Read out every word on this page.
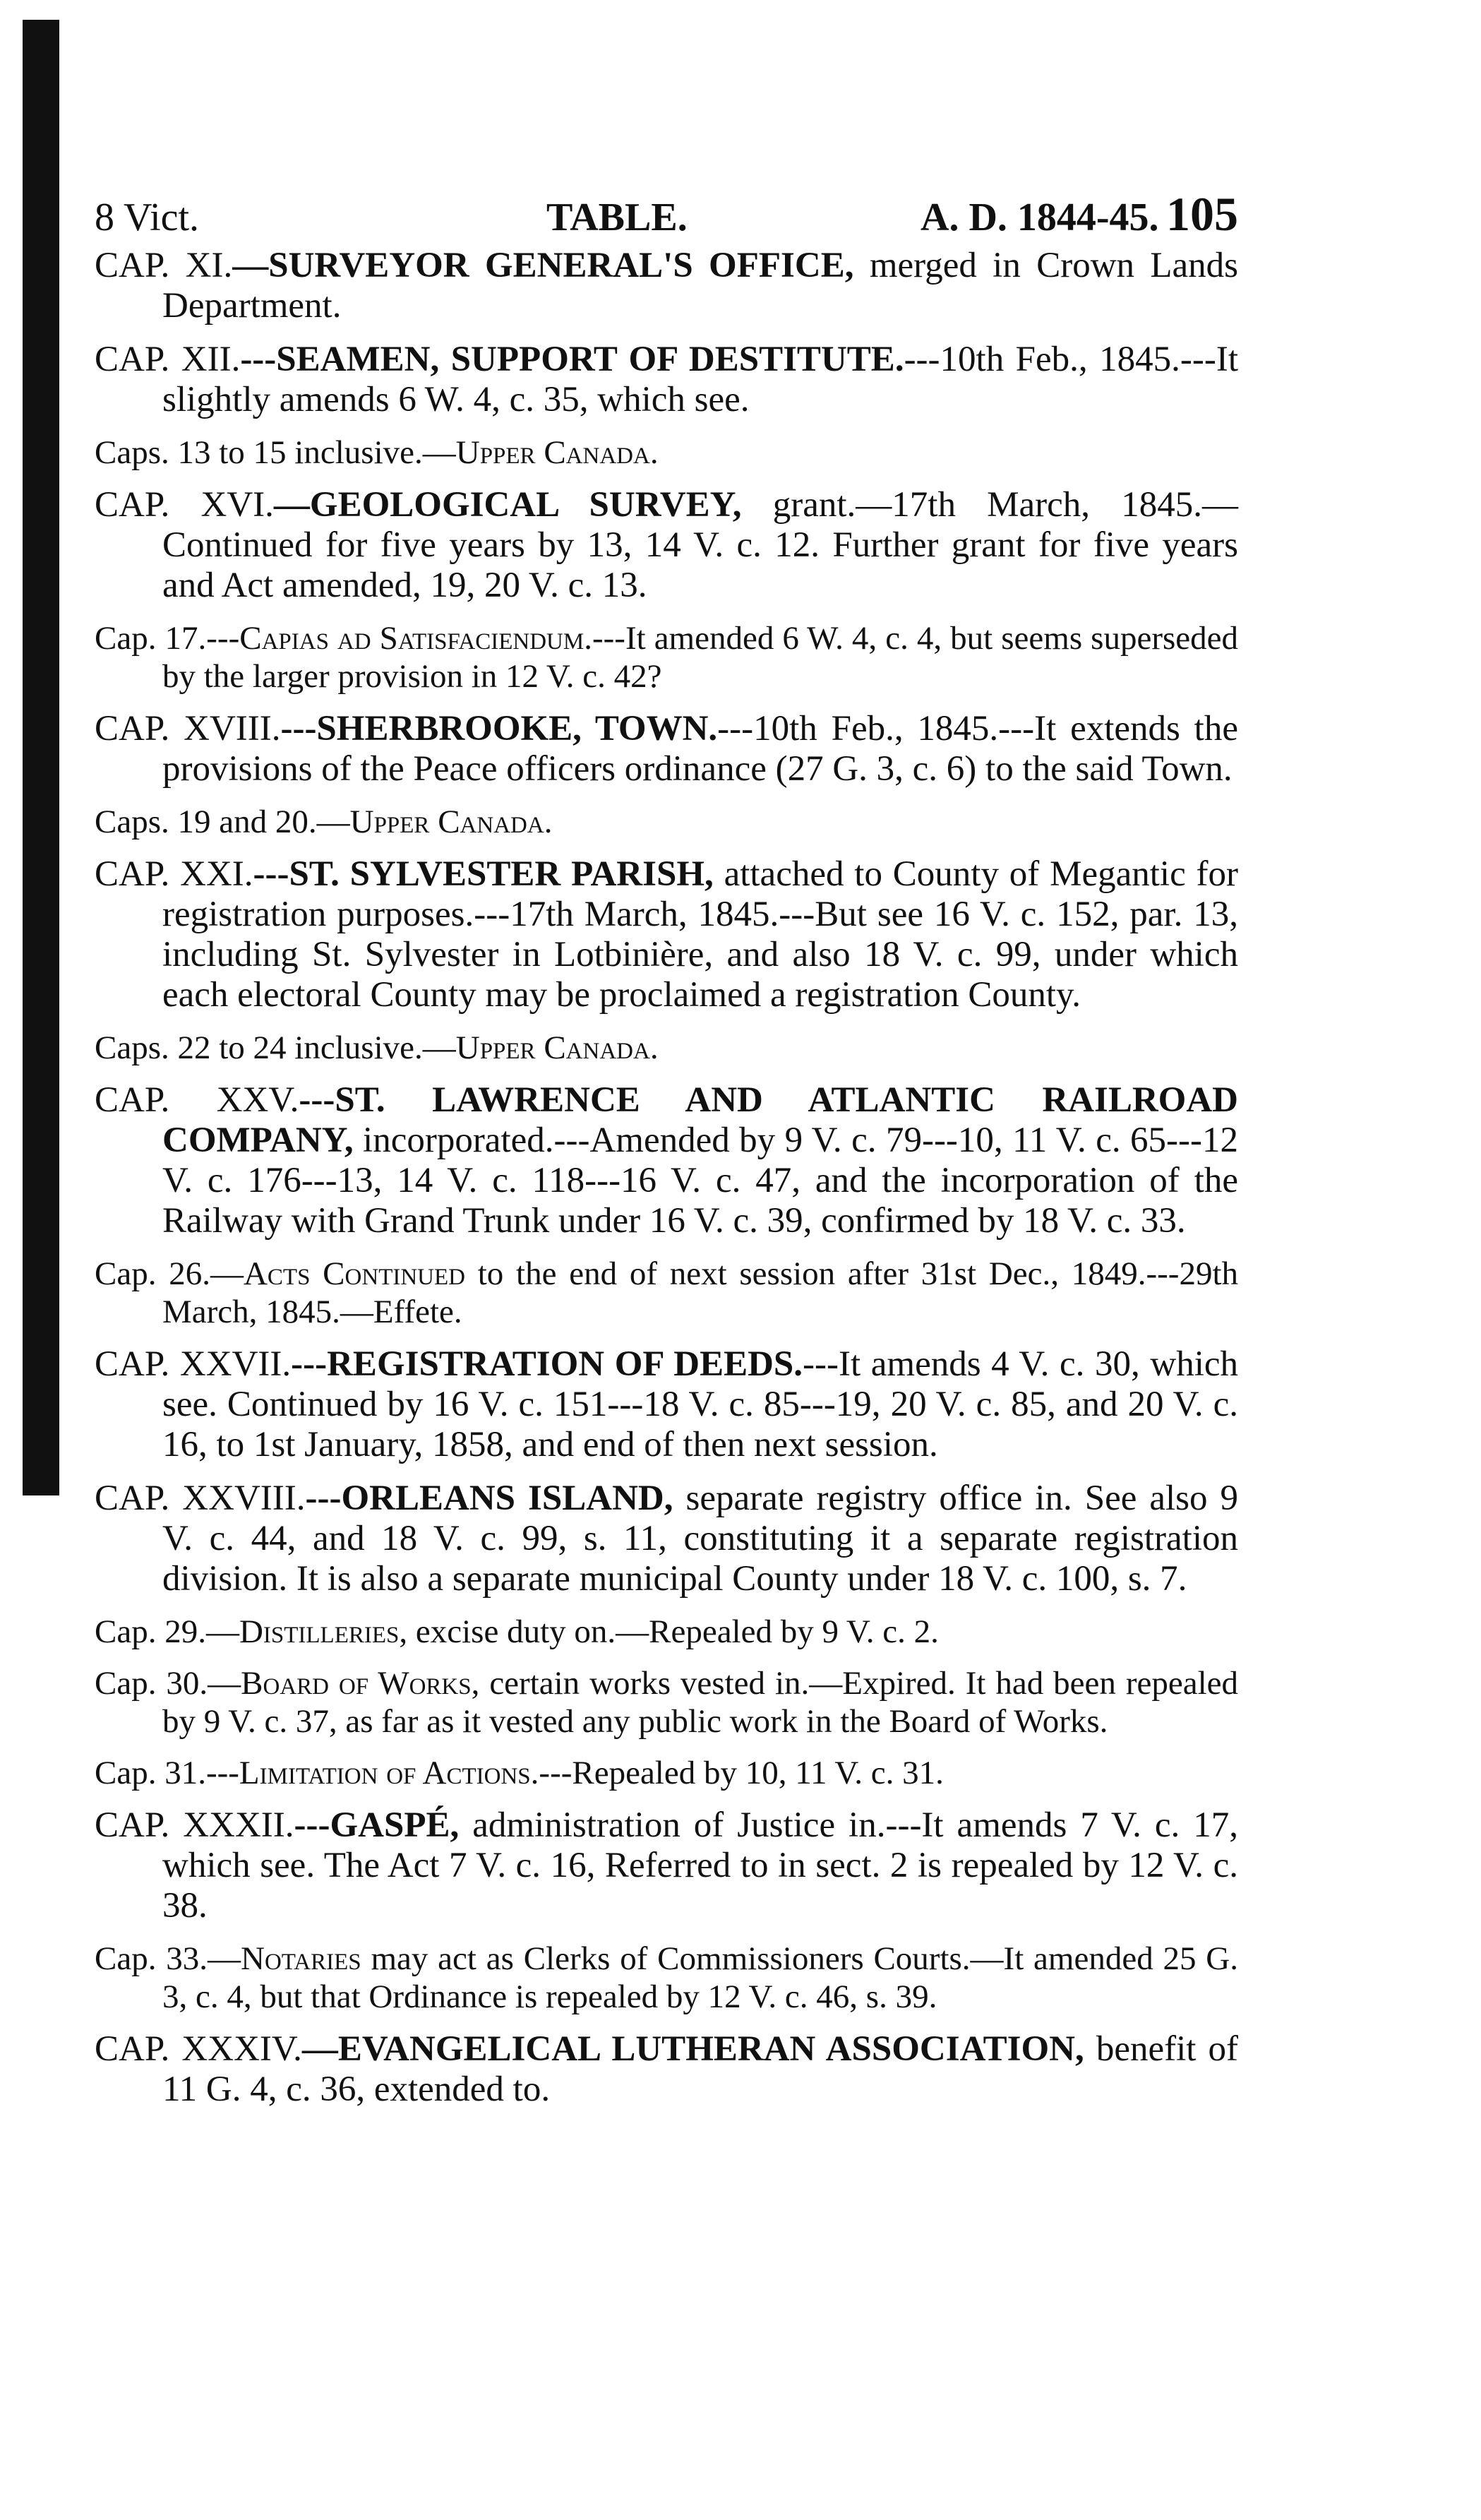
8 Vict.	TABLE.	A. D. 1844-45. 105

CAP. XI.—SURVEYOR GENERAL'S OFFICE, merged in Crown Lands Department.

CAP. XII.---SEAMEN, SUPPORT OF DESTITUTE.---10th Feb., 1845.---It slightly amends 6 W. 4, c. 35, which see.

Caps. 13 to 15 inclusive.—Upper Canada.

CAP. XVI.—GEOLOGICAL SURVEY, grant.—17th March, 1845.—Continued for five years by 13, 14 V. c. 12. Further grant for five years and Act amended, 19, 20 V. c. 13.

Cap. 17.---Capias ad Satisfaciendum.---It amended 6 W. 4, c. 4, but seems superseded by the larger provision in 12 V. c. 42?

CAP. XVIII.---SHERBROOKE, TOWN.---10th Feb., 1845.---It extends the provisions of the Peace officers ordinance (27 G. 3, c. 6) to the said Town.

Caps. 19 and 20.—Upper Canada.

CAP. XXI.---ST. SYLVESTER PARISH, attached to County of Megantic for registration purposes.---17th March, 1845.---But see 16 V. c. 152, par. 13, including St. Sylvester in Lotbinière, and also 18 V. c. 99, under which each electoral County may be proclaimed a registration County.

Caps. 22 to 24 inclusive.—Upper Canada.

CAP. XXV.---ST. LAWRENCE AND ATLANTIC RAILROAD COMPANY, incorporated.---Amended by 9 V. c. 79---10, 11 V. c. 65---12 V. c. 176---13, 14 V. c. 118---16 V. c. 47, and the incorporation of the Railway with Grand Trunk under 16 V. c. 39, confirmed by 18 V. c. 33.

Cap. 26.—Acts Continued to the end of next session after 31st Dec., 1849.---29th March, 1845.—Effete.

CAP. XXVII.---REGISTRATION OF DEEDS.---It amends 4 V. c. 30, which see. Continued by 16 V. c. 151---18 V. c. 85---19, 20 V. c. 85, and 20 V. c. 16, to 1st January, 1858, and end of then next session.

CAP. XXVIII.---ORLEANS ISLAND, separate registry office in. See also 9 V. c. 44, and 18 V. c. 99, s. 11, constituting it a separate registration division. It is also a separate municipal County under 18 V. c. 100, s. 7.

Cap. 29.—Distilleries, excise duty on.—Repealed by 9 V. c. 2.

Cap. 30.—Board of Works, certain works vested in.—Expired. It had been repealed by 9 V. c. 37, as far as it vested any public work in the Board of Works.

Cap. 31.---Limitation of Actions.---Repealed by 10, 11 V. c. 31.

CAP. XXXII.---GASPÉ, administration of Justice in.---It amends 7 V. c. 17, which see. The Act 7 V. c. 16, Referred to in sect. 2 is repealed by 12 V. c. 38.

Cap. 33.—Notaries may act as Clerks of Commissioners Courts.—It amended 25 G. 3, c. 4, but that Ordinance is repealed by 12 V. c. 46, s. 39.

CAP. XXXIV.—EVANGELICAL LUTHERAN ASSOCIATION, benefit of 11 G. 4, c. 36, extended to.
